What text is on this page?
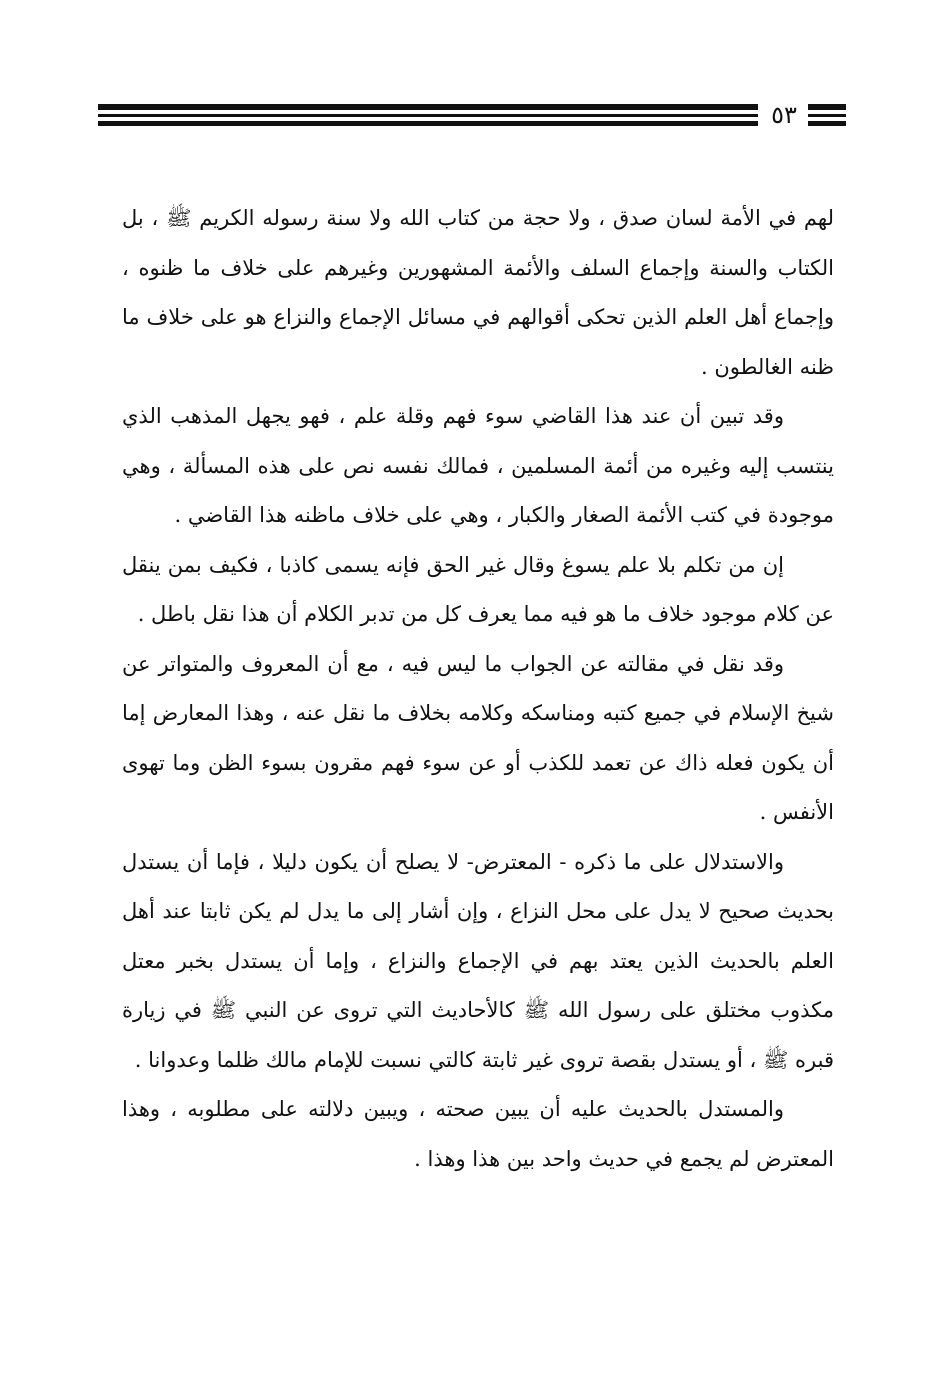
٥٣

لهم في الأمة لسان صدق ، ولا حجة من كتاب الله ولا سنة رسوله الكريم ﷺ ، بل الكتاب والسنة وإجماع السلف والأئمة المشهورين وغيرهم على خلاف ما ظنوه ، وإجماع أهل العلم الذين تحكى أقوالهم في مسائل الإجماع والنزاع هو على خلاف ما ظنه الغالطون .

وقد تبين أن عند هذا القاضي سوء فهم وقلة علم ، فهو يجهل المذهب الذي ينتسب إليه وغيره من أئمة المسلمين ، فمالك نفسه نص على هذه المسألة ، وهي موجودة في كتب الأئمة الصغار والكبار ، وهي على خلاف ماظنه هذا القاضي .

إن من تكلم بلا علم يسوغ وقال غير الحق فإنه يسمى كاذبا ، فكيف بمن ينقل عن كلام موجود خلاف ما هو فيه مما يعرف كل من تدبر الكلام أن هذا نقل باطل .

وقد نقل في مقالته عن الجواب ما ليس فيه ، مع أن المعروف والمتواتر عن شيخ الإسلام في جميع كتبه ومناسكه وكلامه بخلاف ما نقل عنه ، وهذا المعارض إما أن يكون فعله ذاك عن تعمد للكذب أو عن سوء فهم مقرون بسوء الظن وما تهوى الأنفس .

والاستدلال على ما ذكره - المعترض- لا يصلح أن يكون دليلا ، فإما أن يستدل بحديث صحيح لا يدل على محل النزاع ، وإن أشار إلى ما يدل لم يكن ثابتا عند أهل العلم بالحديث الذين يعتد بهم في الإجماع والنزاع ، وإما أن يستدل بخبر معتل مكذوب مختلق على رسول الله ﷺ كالأحاديث التي تروى عن النبي ﷺ في زيارة قبره ﷺ ، أو يستدل بقصة تروى غير ثابتة كالتي نسبت للإمام مالك ظلما وعدوانا .

والمستدل بالحديث عليه أن يبين صحته ، ويبين دلالته على مطلوبه ، وهذا المعترض لم يجمع في حديث واحد بين هذا وهذا .
